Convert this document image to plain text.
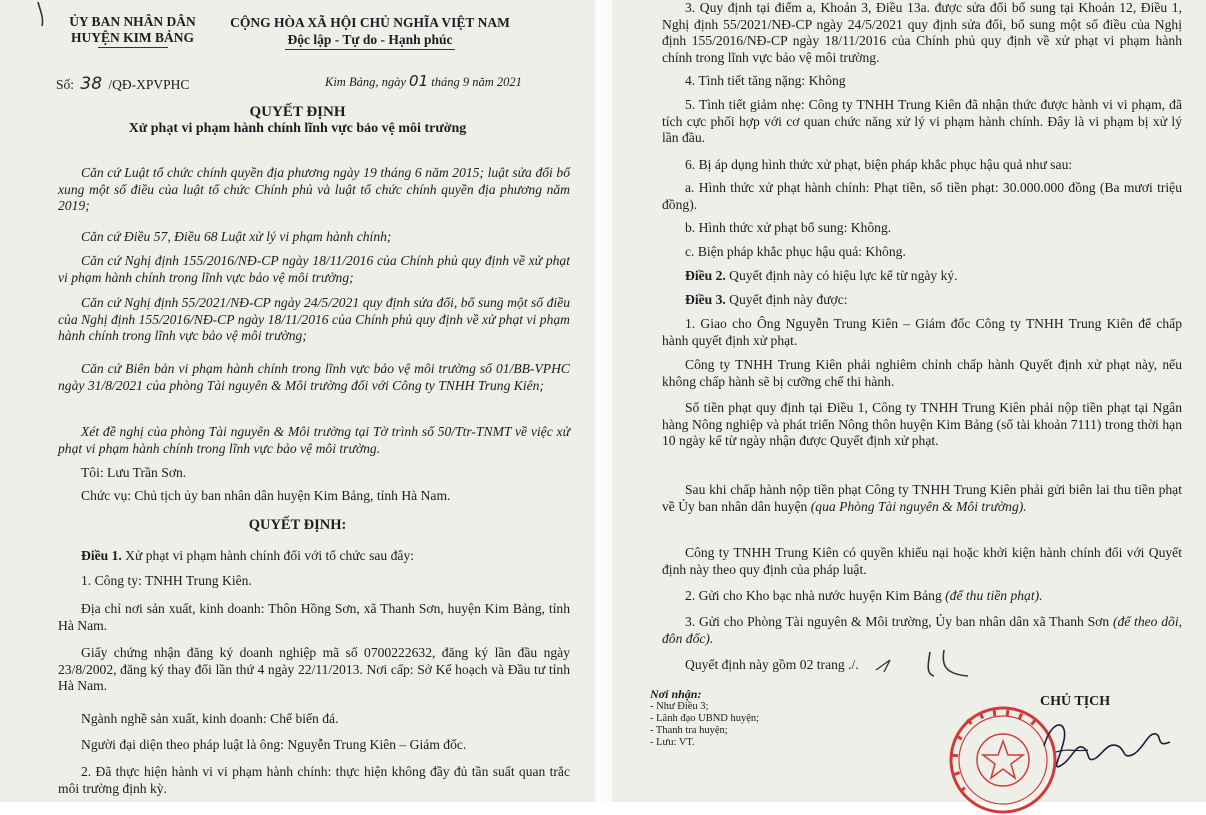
ỦY BAN NHÂN DÂN
HUYỆN KIM BẢNG
CỘNG HÒA XÃ HỘI CHỦ NGHĨA VIỆT NAM
Độc lập - Tự do - Hạnh phúc
Số: 38 /QĐ-XPVPHC	Kim Bảng, ngày 01 tháng 9 năm 2021
QUYẾT ĐỊNH
Xử phạt vi phạm hành chính lĩnh vực bảo vệ môi trường

Căn cứ Luật tổ chức chính quyền địa phương ngày 19 tháng 6 năm 2015; luật sửa đổi bổ xung một số điều của luật tổ chức Chính phủ và luật tổ chức chính quyền địa phương năm 2019;

Căn cứ Điều 57, Điều 68 Luật xử lý vi phạm hành chính;

Căn cứ Nghị định 155/2016/NĐ-CP ngày 18/11/2016 của Chính phủ quy định về xử phạt vi phạm hành chính trong lĩnh vực bảo vệ môi trường;

Căn cứ Nghị định 55/2021/NĐ-CP ngày 24/5/2021 quy định sửa đổi, bổ sung một số điều của Nghị định 155/2016/NĐ-CP ngày 18/11/2016 của Chính phủ quy định về xử phạt vi phạm hành chính trong lĩnh vực bảo vệ môi trường;

Căn cứ Biên bản vi phạm hành chính trong lĩnh vực bảo vệ môi trường số 01/BB-VPHC ngày 31/8/2021 của phòng Tài nguyên & Môi trường đối với Công ty TNHH Trung Kiên;

Xét đề nghị của phòng Tài nguyên & Môi trường tại Tờ trình số 50/Ttr-TNMT về việc xử phạt vi phạm hành chính trong lĩnh vực bảo vệ môi trường.

Tôi: Lưu Trần Sơn.

Chức vụ: Chủ tịch ủy ban nhân dân huyện Kim Bảng, tỉnh Hà Nam.

QUYẾT ĐỊNH:

Điều 1. Xử phạt vi phạm hành chính đối với tổ chức sau đây:

1. Công ty: TNHH Trung Kiên.

Địa chỉ nơi sản xuất, kinh doanh: Thôn Hồng Sơn, xã Thanh Sơn, huyện Kim Bảng, tỉnh Hà Nam.

Giấy chứng nhận đăng ký doanh nghiệp mã số 0700222632, đăng ký lần đầu ngày 23/8/2002, đăng ký thay đổi lần thứ 4 ngày 22/11/2013. Nơi cấp: Sở Kế hoạch và Đầu tư tỉnh Hà Nam.

Ngành nghề sản xuất, kinh doanh: Chế biến đá.

Người đại diện theo pháp luật là ông: Nguyễn Trung Kiên – Giám đốc.

2. Đã thực hiện hành vi vi phạm hành chính: thực hiện không đầy đủ tần suất quan trắc môi trường định kỳ.

3. Quy định tại điểm a, Khoản 3, Điều 13a. được sửa đổi bổ sung tại Khoản 12, Điều 1, Nghị định 55/2021/NĐ-CP ngày 24/5/2021 quy định sửa đổi, bổ sung một số điều của Nghị định 155/2016/NĐ-CP ngày 18/11/2016 của Chính phủ quy định về xử phạt vi phạm hành chính trong lĩnh vực bảo vệ môi trường.

4. Tình tiết tăng nặng: Không

5. Tình tiết giảm nhẹ: Công ty TNHH Trung Kiên đã nhận thức được hành vi vi phạm, đã tích cực phối hợp với cơ quan chức năng xử lý vi phạm hành chính. Đây là vi phạm bị xử lý lần đầu.

6. Bị áp dụng hình thức xử phạt, biện pháp khắc phục hậu quả như sau:

a. Hình thức xử phạt hành chính: Phạt tiền, số tiền phạt: 30.000.000 đồng (Ba mươi triệu đồng).

b. Hình thức xử phạt bổ sung: Không.

c. Biện pháp khắc phục hậu quả: Không.

Điều 2. Quyết định này có hiệu lực kể từ ngày ký.

Điều 3. Quyết định này được:

1. Giao cho Ông Nguyễn Trung Kiên – Giám đốc Công ty TNHH Trung Kiên để chấp hành quyết định xử phạt.

Công ty TNHH Trung Kiên phải nghiêm chỉnh chấp hành Quyết định xử phạt này, nếu không chấp hành sẽ bị cưỡng chế thi hành.

Số tiền phạt quy định tại Điều 1, Công ty TNHH Trung Kiên phải nộp tiền phạt tại Ngân hàng Nông nghiệp và phát triển Nông thôn huyện Kim Bảng (số tài khoản 7111) trong thời hạn 10 ngày kể từ ngày nhận được Quyết định xử phạt.

Sau khi chấp hành nộp tiền phạt Công ty TNHH Trung Kiên phải gửi biên lai thu tiền phạt về Ủy ban nhân dân huyện (qua Phòng Tài nguyên & Môi trường).

Công ty TNHH Trung Kiên có quyền khiếu nại hoặc khởi kiện hành chính đối với Quyết định này theo quy định của pháp luật.

2. Gửi cho Kho bạc nhà nước huyện Kim Bảng (để thu tiền phạt).

3. Gửi cho Phòng Tài nguyên & Môi trường, Ủy ban nhân dân xã Thanh Sơn (để theo dõi, đôn đốc).

Quyết định này gồm 02 trang ./.

Nơi nhận:
- Như Điều 3;
- Lãnh đạo UBND huyện;
- Thanh tra huyện;
- Lưu: VT.
CHỦ TỊCH
